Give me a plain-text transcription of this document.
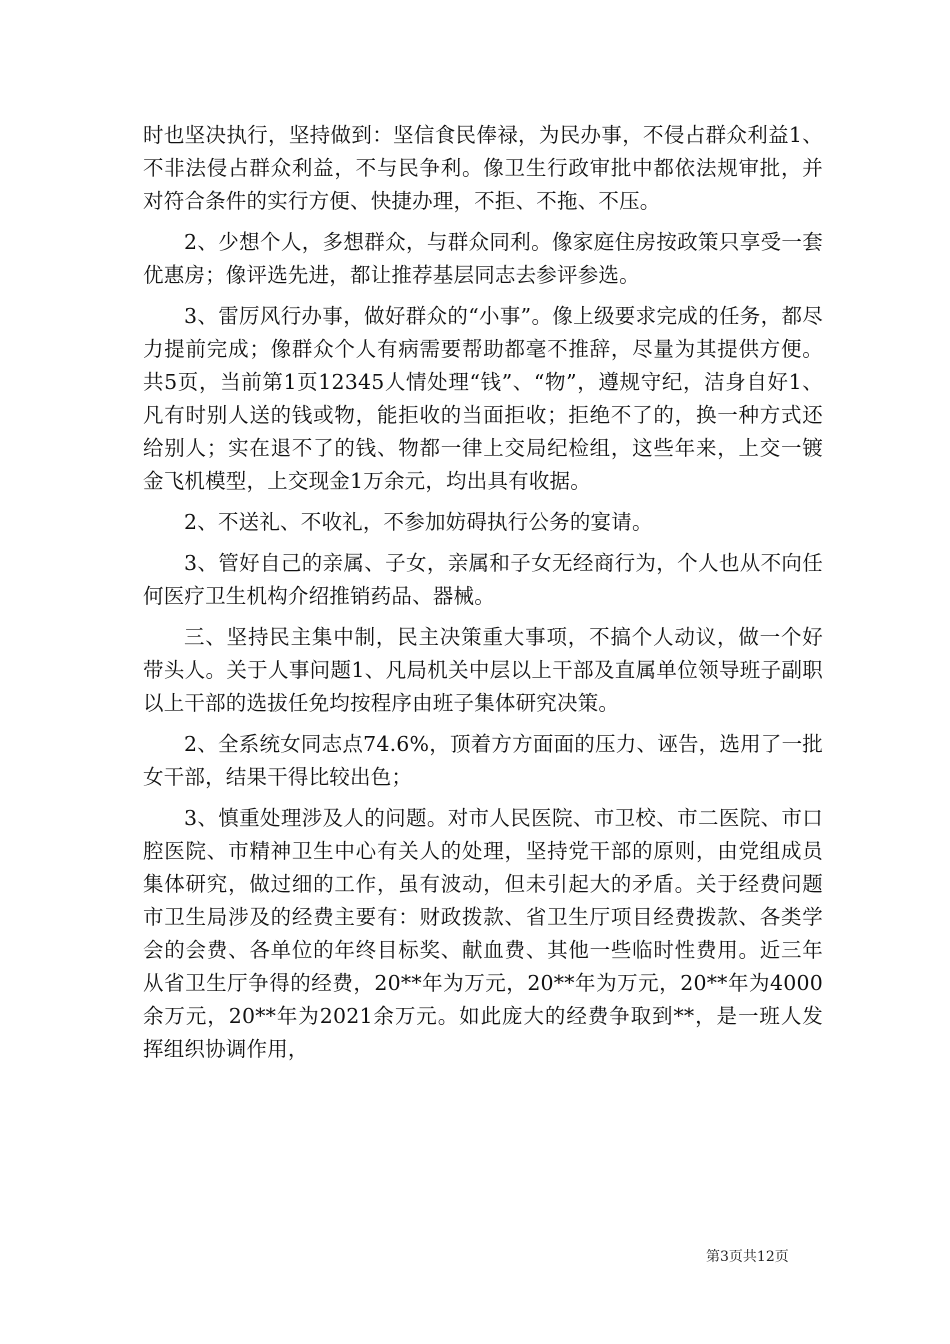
时也坚决执行，坚持做到：坚信食民俸禄，为民办事，不侵占群众利益1、不非法侵占群众利益，不与民争利。像卫生行政审批中都依法规审批，并对符合条件的实行方便、快捷办理，不拒、不拖、不压。

2、少想个人，多想群众，与群众同利。像家庭住房按政策只享受一套优惠房；像评选先进，都让推荐基层同志去参评参选。

3、雷厉风行办事，做好群众的“小事”。像上级要求完成的任务，都尽力提前完成；像群众个人有病需要帮助都毫不推辞，尽量为其提供方便。共5页，当前第1页12345人情处理“钱”、“物”，遵规守纪，洁身自好1、凡有时别人送的钱或物，能拒收的当面拒收；拒绝不了的，换一种方式还给别人；实在退不了的钱、物都一律上交局纪检组，这些年来，上交一镀金飞机模型，上交现金1万余元，均出具有收据。

2、不送礼、不收礼，不参加妨碍执行公务的宴请。

3、管好自己的亲属、子女，亲属和子女无经商行为，个人也从不向任何医疗卫生机构介绍推销药品、器械。

三、坚持民主集中制，民主决策重大事项，不搞个人动议，做一个好带头人。关于人事问题1、凡局机关中层以上干部及直属单位领导班子副职以上干部的选拔任免均按程序由班子集体研究决策。

2、全系统女同志点74.6%，顶着方方面面的压力、诬告，选用了一批女干部，结果干得比较出色；

3、慎重处理涉及人的问题。对市人民医院、市卫校、市二医院、市口腔医院、市精神卫生中心有关人的处理，坚持党干部的原则，由党组成员集体研究，做过细的工作，虽有波动，但未引起大的矛盾。关于经费问题市卫生局涉及的经费主要有：财政拨款、省卫生厅项目经费拨款、各类学会的会费、各单位的年终目标奖、献血费、其他一些临时性费用。近三年从省卫生厅争得的经费，20**年为万元，20**年为万元，20**年为4000余万元，20**年为2021余万元。如此庞大的经费争取到**，是一班人发挥组织协调作用，

第3页共12页
